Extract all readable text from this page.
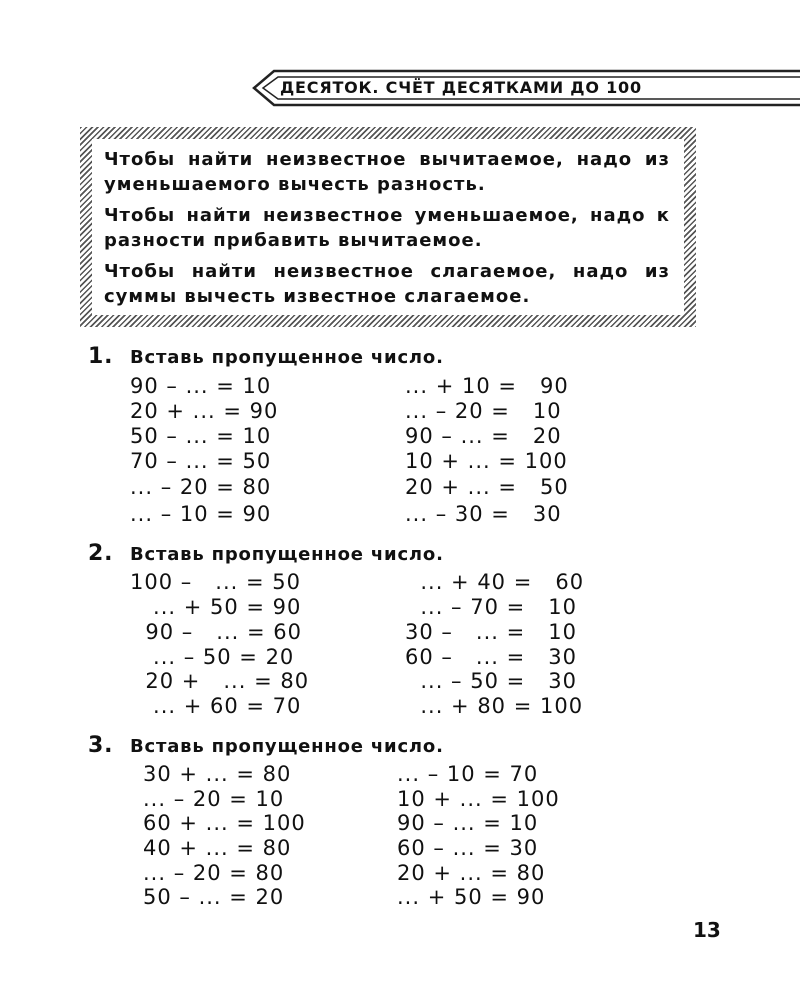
ДЕСЯТОК. СЧЁТ ДЕСЯТКАМИ ДО 100
Чтобы найти неизвестное вычитаемое, надо из уменьшаемого вычесть разность.
Чтобы найти неизвестное уменьшаемое, надо к разности прибавить вычитаемое.
Чтобы найти неизвестное слагаемое, надо из суммы вычесть известное слагаемое.
1. Вставь пропущенное число.
90 – ... = 10
20 + ... = 90
50 – ... = 10
70 – ... = 50
... – 20 = 80
... – 10 = 90
... + 10 =   90
... – 20 =   10
90 – ... =   20
10 + ... = 100
20 + ... =   50
... – 30 =   30
2. Вставь пропущенное число.
100 –   ... = 50
... + 50 = 90
90 –   ... = 60
... – 50 = 20
20 +   ... = 80
... + 60 = 70
... + 40 =   60
... – 70 =   10
30 –   ... =   10
60 –   ... =   30
... – 50 =   30
... + 80 = 100
3. Вставь пропущенное число.
30 + ... = 80
... – 20 = 10
60 + ... = 100
40 + ... = 80
... – 20 = 80
50 – ... = 20
... – 10 = 70
10 + ... = 100
90 – ... = 10
60 – ... = 30
20 + ... = 80
... + 50 = 90
13
